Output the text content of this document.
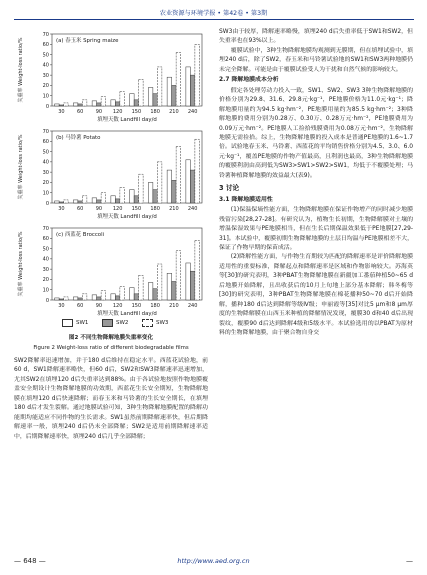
农业资源与环境学报 • 第42卷 • 第3期
0
10
20
30
40
50
60
70
30 60 90 120 150 180 210 240
(a) 春玉米 Spring maize
填埋天数 Landfill day/d
失重率 Weight-loss ratio/%
0
10
20
30
40
50
60
70
30 60 90 120 150 180 210 240
(b) 马铃薯 Potato
填埋天数 Landfill day/d
失重率 Weight-loss ratio/%
0
10
20
30
40
50
60
70
30 60 90 120 150 180 210 240
(c) 西蓝花 Broccoli
填埋天数 Landfill day/d
失重率 Weight-loss ratio/%
SW1	SW2	SW3
图2 不同生物降解地膜失重率变化
Figure 2 Weight-loss ratio of different biodegradable films

SW2降解率迅速增加，并于180 d后维持在稳定水平。西蓝花试验地，前60 d，SW1降解速率略快，但60 d后，SW2和SW3降解速率迅速增加，尤其SW2在填埋120 d后失重率达到88%。由于各试验地按照作物地膜覆盖安全期设计生物降解地膜的功效期，西蓝花生长安全期短，生物降解地膜在填埋120 d后快速降解；而春玉米和马铃薯的生长安全期长，在填埋180 d后才发生裂解。通过地膜试验可知，3种生物降解地膜配置的降解功能期均能适应不同作物的生长需求。SW1虽然前期降解速率快，但后期降解速率一般，填埋240 d后仍未全部降解；SW2是适用前期降解速率适中，后期降解速率快，填埋240 d后几乎全部降解；

SW3由于较厚，降解速率略慢，填埋240 d后失重率低于SW1和SW2，但失重率也在93%以上。

覆膜试验中，3种生物降解地膜均观测到无膜期，但在填埋试验中，填埋240 d后，除了SW2，春玉米和马铃薯试验地的SW1和SW3两种地膜仍未完全降解。可能是由于覆膜试验受人为干扰和自然气候的影响较大。

2.7 降解地膜成本分析

假定各处理劳动力投入一致，SW1、SW2、SW3 3种生物降解地膜的价格分别为29.8、31.6、29.8元·kg⁻¹，PE地膜价格为11.0元·kg⁻¹；降解地膜用量约为94.5 kg·hm⁻²，PE地膜用量约为85.5 kg·hm⁻²；3种降解地膜的费用分别为0.28万、0.30万、0.28万元·hm⁻²，PE地膜费用为0.09万元·hm⁻²。PE地膜人工捡拾残膜费用为0.08万元·hm⁻²，生物降解地膜无需捡拾。综上，生物降解地膜的投入成本是普通PE地膜的1.6~1.7倍。试验地春玉米、马铃薯、西蓝花的平均销售价格分别为4.5、3.0、6.0元·kg⁻¹，覆盖PE地膜的作物产值最高，且利润也最高，3种生物降解地膜的覆膜利润由高到低为SW3>SW1>SW2>SW1，均低于不覆膜处理；马铃薯种植降解地膜的效益最大(表9)。

3 讨论

3.1 降解地膜适用性

(1)保温保墒性能方面，生物降解地膜在保证作物增产的同时减少地膜残留污染[28,27-28]。有研究认为，植物生长初期，生物降解膜对土壤的增温保湿效果与PE地膜相当，但在生长后期保温效果低于PE地膜[27,29-31]。本试验中，覆膜初期生物降解地膜的土层日均温与PE地膜相差不大，保证了作物早期的保苗成活。

(2)降解性能方面，与作物生育期较为匹配的降解速率是评价降解地膜适用性的重要标准，降解起点和降解速率是区域和作物影响较大。苏海英等[30]的研究表明，3种PBAT生物降解地膜在新疆加工番茄种植50~65 d后地膜开始降解，且出收获后的10月上旬地上部分基本降解；韩冬梅等[30]的研究表明，3种PBAT生物降解地膜在棉花播种50~70 d后开始降解，播种180 d后达到降解等级Ⅳ级；申丽霞等[35]对比5 μm和8 μm厚度的生物降解膜在山西玉米种植的降解情况发现，覆膜30 d和40 d后出现裂纹，覆膜90 d后达到降解4级和5级水平。本试验选用的以PBAT为原材料的生物降解地膜，由于聚合物自身交

— 648 —	http://www.aed.org.cn	—
